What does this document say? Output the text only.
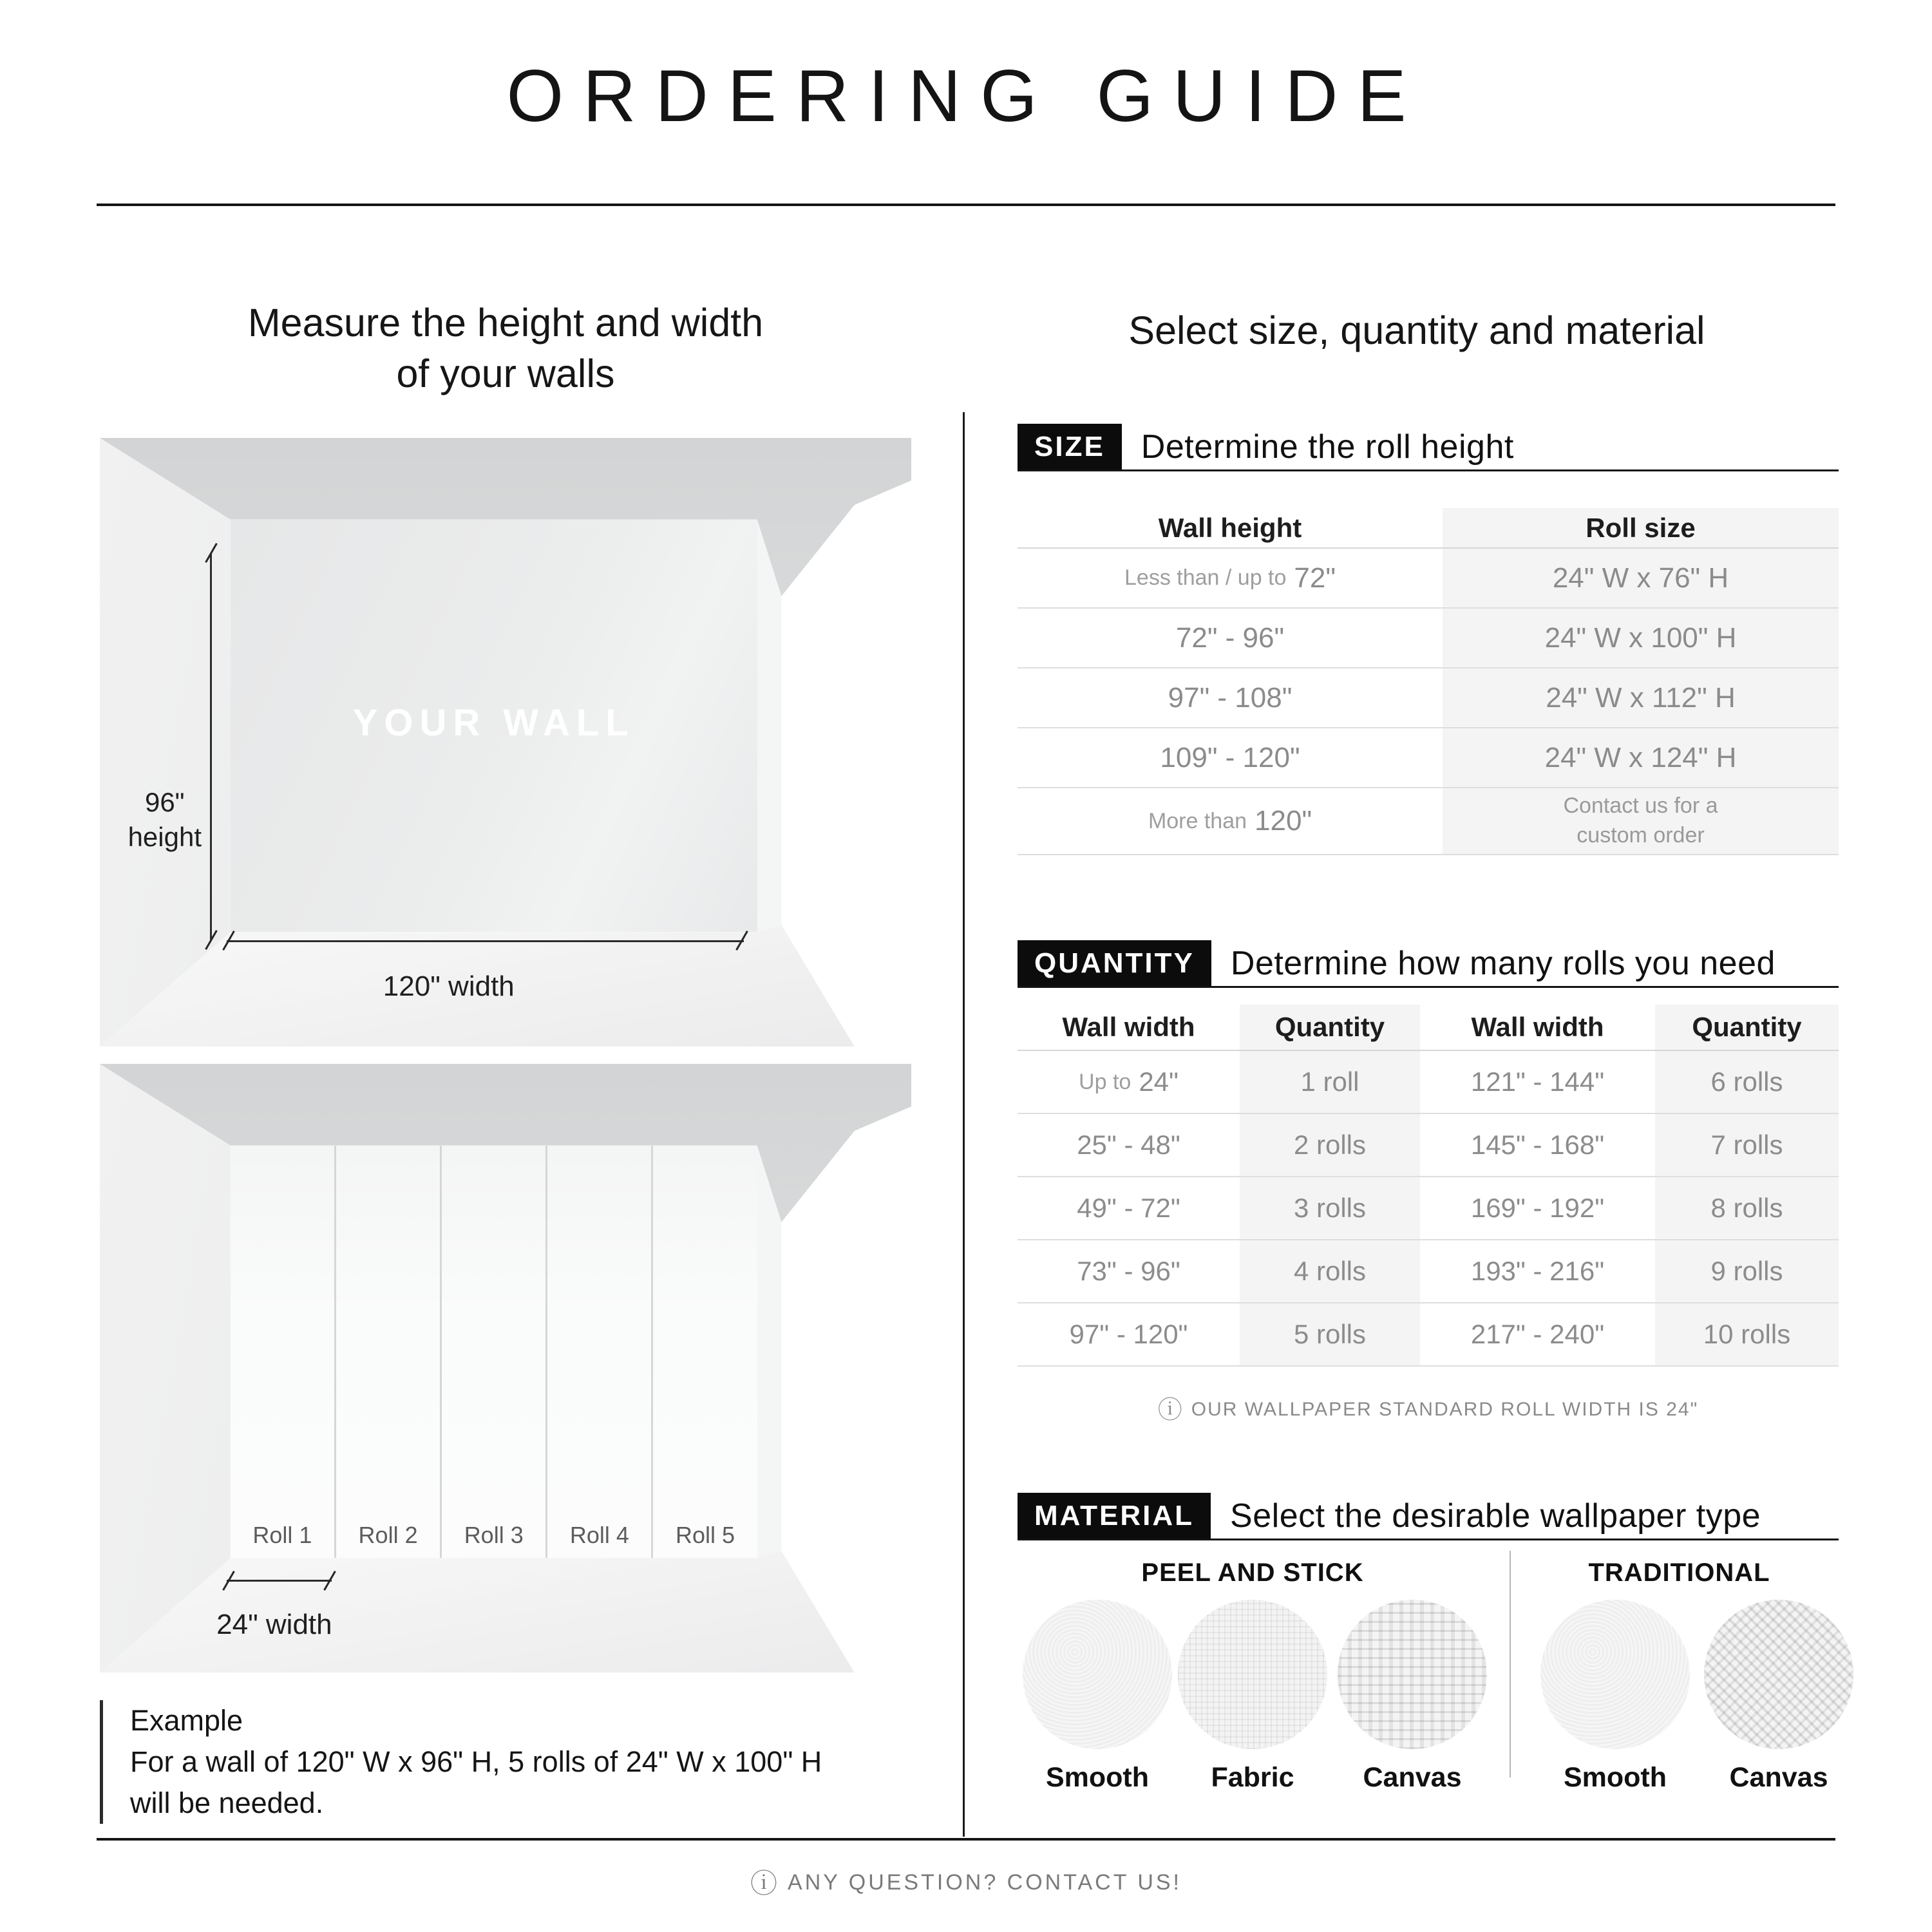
ORDERING GUIDE
Measure the height and width
of your walls
YOUR WALL
96"
height
120" width
Roll 1	Roll 2	Roll 3	Roll 4	Roll 5
24" width
Example
For a wall of 120" W x 96" H, 5 rolls of 24" W x 100" H
will be needed.
Select size, quantity and material
SIZE	Determine the roll height
Wall height	Roll size
Less than / up to 72"	24" W x 76" H
72" - 96"	24" W x 100" H
97" - 108"	24" W x 112" H
109" - 120"	24" W x 124" H
More than 120"	Contact us for a custom order
QUANTITY	Determine how many rolls you need
Wall width	Quantity	Wall width	Quantity
Up to 24"	1 roll	121" - 144"	6 rolls
25" - 48"	2 rolls	145" - 168"	7 rolls
49" - 72"	3 rolls	169" - 192"	8 rolls
73" - 96"	4 rolls	193" - 216"	9 rolls
97" - 120"	5 rolls	217" - 240"	10 rolls
ⓘ OUR WALLPAPER STANDARD ROLL WIDTH IS 24"
MATERIAL	Select the desirable wallpaper type
PEEL AND STICK	TRADITIONAL
Smooth	Fabric	Canvas	Smooth	Canvas
ⓘ ANY QUESTION? CONTACT US!
